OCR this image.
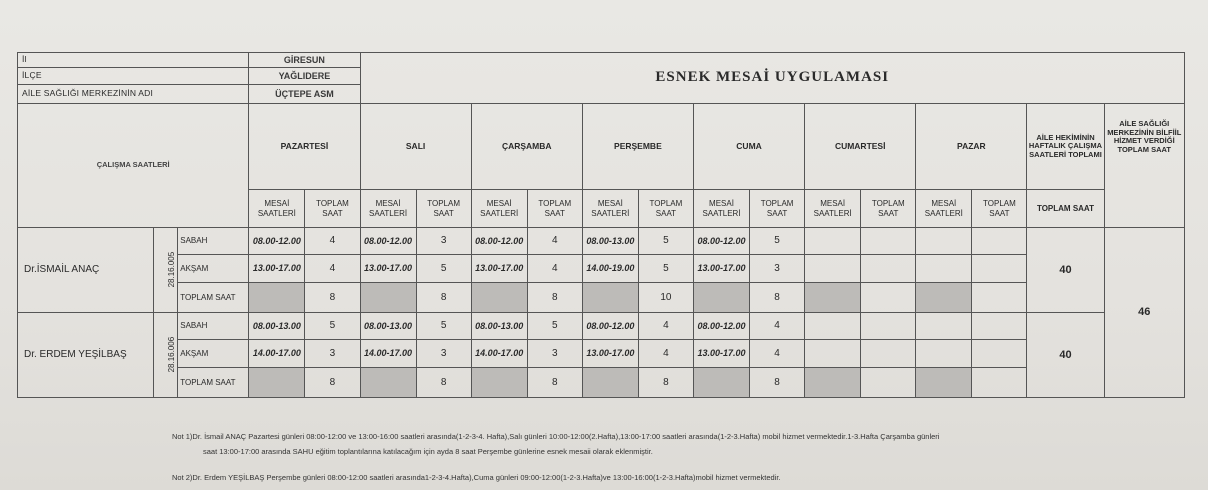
İl			GİRESUN		ESNEK MESAİ UYGULAMASI													
İLÇE			YAĞLIDERE															
AİLE SAĞLIĞI MERKEZİNİN ADI			ÜÇTEPE ASM															
ÇALIŞMA SAATLERİ			PAZARTESİ		SALI		ÇARŞAMBA		PERŞEMBE		CUMA		CUMARTESİ		PAZAR		AİLE HEKİMİNİN HAFTALIK ÇALIŞMA SAATLERİ TOPLAMI	AİLE SAĞLIĞI MERKEZİNİN BİLFİİL HİZMET VERDİĞİ TOPLAM SAAT
			MESAİ SAATLERİ	TOPLAM SAAT	MESAİ SAATLERİ	TOPLAM SAAT	MESAİ SAATLERİ	TOPLAM SAAT	MESAİ SAATLERİ	TOPLAM SAAT	MESAİ SAATLERİ	TOPLAM SAAT	MESAİ SAATLERİ	TOPLAM SAAT	MESAİ SAATLERİ	TOPLAM SAAT	TOPLAM SAAT	
Dr.İSMAİL ANAÇ	28.16.005	SABAH	08.00-12.00	4	08.00-12.00	3	08.00-12.00	4	08.00-13.00	5	08.00-12.00	5					40	46
		AKŞAM	13.00-17.00	4	13.00-17.00	5	13.00-17.00	4	14.00-19.00	5	13.00-17.00	3						
		TOPLAM SAAT		8		8		8		10		8						
Dr. ERDEM YEŞİLBAŞ	28.16.006	SABAH	08.00-13.00	5	08.00-13.00	5	08.00-13.00	5	08.00-12.00	4	08.00-12.00	4					40	
		AKŞAM	14.00-17.00	3	14.00-17.00	3	14.00-17.00	3	13.00-17.00	4	13.00-17.00	4						
		TOPLAM SAAT		8		8		8		8		8						
Not 1)Dr. İsmail ANAÇ Pazartesi günleri 08:00-12:00 ve 13:00-16:00 saatleri arasında(1-2-3-4. Hafta),Salı günleri 10:00-12:00(2.Hafta),13:00-17:00 saatleri arasında(1-2-3.Hafta) mobil hizmet vermektedir.1-3.Hafta Çarşamba günleri
saat 13:00-17:00 arasında SAHU eğitim toplantılarına katılacağım için ayda 8 saat Perşembe günlerine esnek mesaii olarak eklenmiştir.
Not 2)Dr. Erdem YEŞİLBAŞ Perşembe günleri 08:00-12:00 saatleri arasında1-2-3-4.Hafta),Cuma günleri 09:00-12:00(1-2-3.Hafta)ve 13:00-16:00(1-2-3.Hafta)mobil hizmet vermektedir.
